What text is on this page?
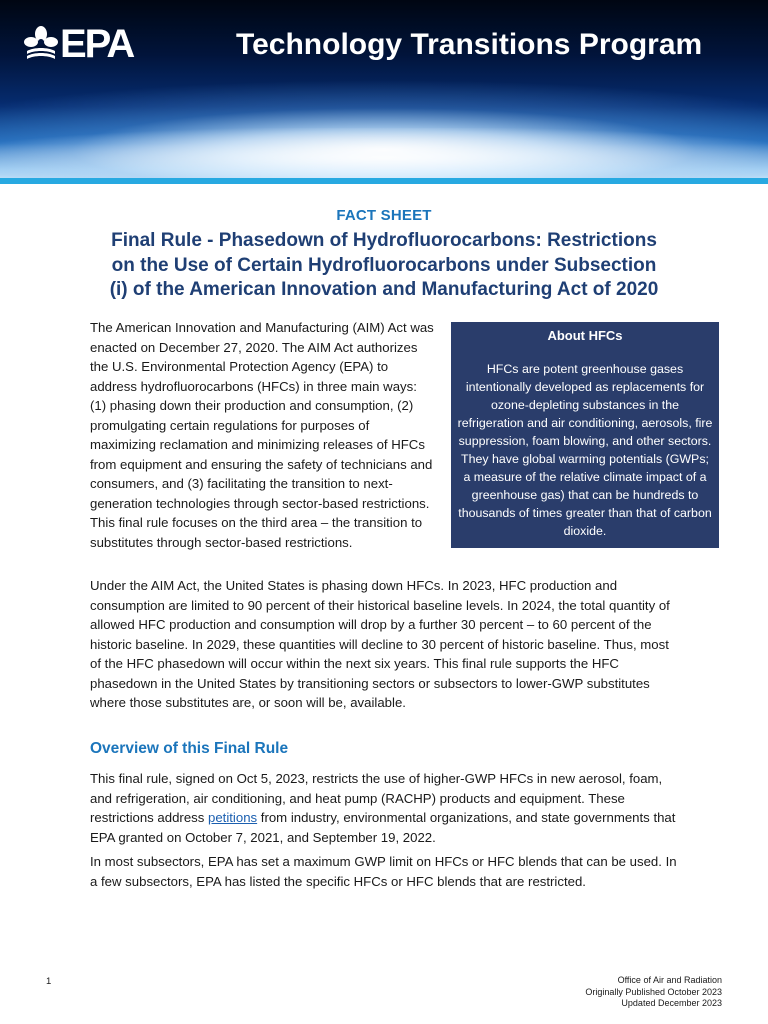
EPA	Technology Transitions Program
FACT SHEET
Final Rule - Phasedown of Hydrofluorocarbons: Restrictions
on the Use of Certain Hydrofluorocarbons under Subsection
(i) of the American Innovation and Manufacturing Act of 2020

The American Innovation and Manufacturing (AIM) Act was enacted on December 27, 2020. The AIM Act authorizes the U.S. Environmental Protection Agency (EPA) to address hydrofluorocarbons (HFCs) in three main ways: (1) phasing down their production and consumption, (2) promulgating certain regulations for purposes of maximizing reclamation and minimizing releases of HFCs from equipment and ensuring the safety of technicians and consumers, and (3) facilitating the transition to next-generation technologies through sector-based restrictions. This final rule focuses on the third area – the transition to substitutes through sector-based restrictions.

About HFCs

HFCs are potent greenhouse gases intentionally developed as replacements for ozone-depleting substances in the refrigeration and air conditioning, aerosols, fire suppression, foam blowing, and other sectors. They have global warming potentials (GWPs; a measure of the relative climate impact of a greenhouse gas) that can be hundreds to thousands of times greater than that of carbon dioxide.

Under the AIM Act, the United States is phasing down HFCs. In 2023, HFC production and consumption are limited to 90 percent of their historical baseline levels. In 2024, the total quantity of allowed HFC production and consumption will drop by a further 30 percent – to 60 percent of the historic baseline. In 2029, these quantities will decline to 30 percent of historic baseline. Thus, most of the HFC phasedown will occur within the next six years. This final rule supports the HFC phasedown in the United States by transitioning sectors or subsectors to lower-GWP substitutes where those substitutes are, or soon will be, available.

Overview of this Final Rule

This final rule, signed on Oct 5, 2023, restricts the use of higher-GWP HFCs in new aerosol, foam, and refrigeration, air conditioning, and heat pump (RACHP) products and equipment. These restrictions address petitions from industry, environmental organizations, and state governments that EPA granted on October 7, 2021, and September 19, 2022.

In most subsectors, EPA has set a maximum GWP limit on HFCs or HFC blends that can be used. In a few subsectors, EPA has listed the specific HFCs or HFC blends that are restricted.

1	Office of Air and Radiation
Originally Published October 2023
Updated December 2023
